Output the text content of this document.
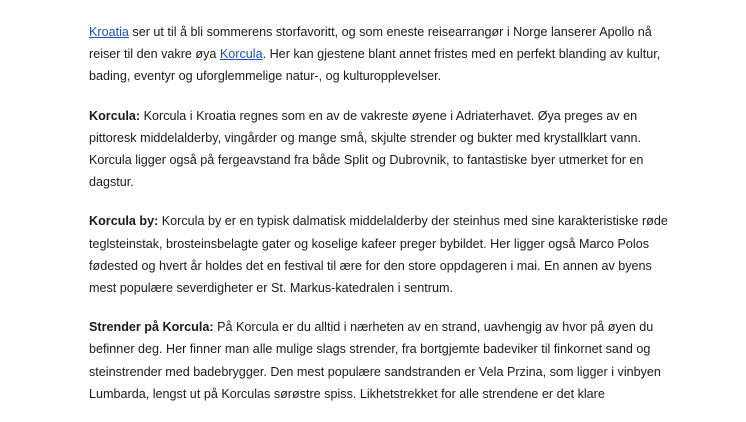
Kroatia ser ut til å bli sommerens storfavoritt, og som eneste reisearrangør i Norge lanserer Apollo nå reiser til den vakre øya Korcula. Her kan gjestene blant annet fristes med en perfekt blanding av kultur, bading, eventyr og uforglemmelige natur-, og kulturopplevelser.

Korcula: Korcula i Kroatia regnes som en av de vakreste øyene i Adriaterhavet. Øya preges av en pittoresk middelalderby, vingårder og mange små, skjulte strender og bukter med krystallklart vann. Korcula ligger også på fergeavstand fra både Split og Dubrovnik, to fantastiske byer utmerket for en dagstur.

Korcula by: Korcula by er en typisk dalmatisk middelalderby der steinhus med sine karakteristiske røde teglsteinstak, brosteinsbelagte gater og koselige kafeer preger bybildet. Her ligger også Marco Polos fødested og hvert år holdes det en festival til ære for den store oppdageren i mai. En annen av byens mest populære severdigheter er St. Markus-katedralen i sentrum.

Strender på Korcula: På Korcula er du alltid i nærheten av en strand, uavhengig av hvor på øyen du befinner deg. Her finner man alle mulige slags strender, fra bortgjemte badeviker til finkornet sand og steinstrender med badebrygger. Den mest populære sandstranden er Vela Przina, som ligger i vinbyen Lumbarda, lengst ut på Korculas sørøstre spiss. Likhetstrekket for alle strendene er det klare
